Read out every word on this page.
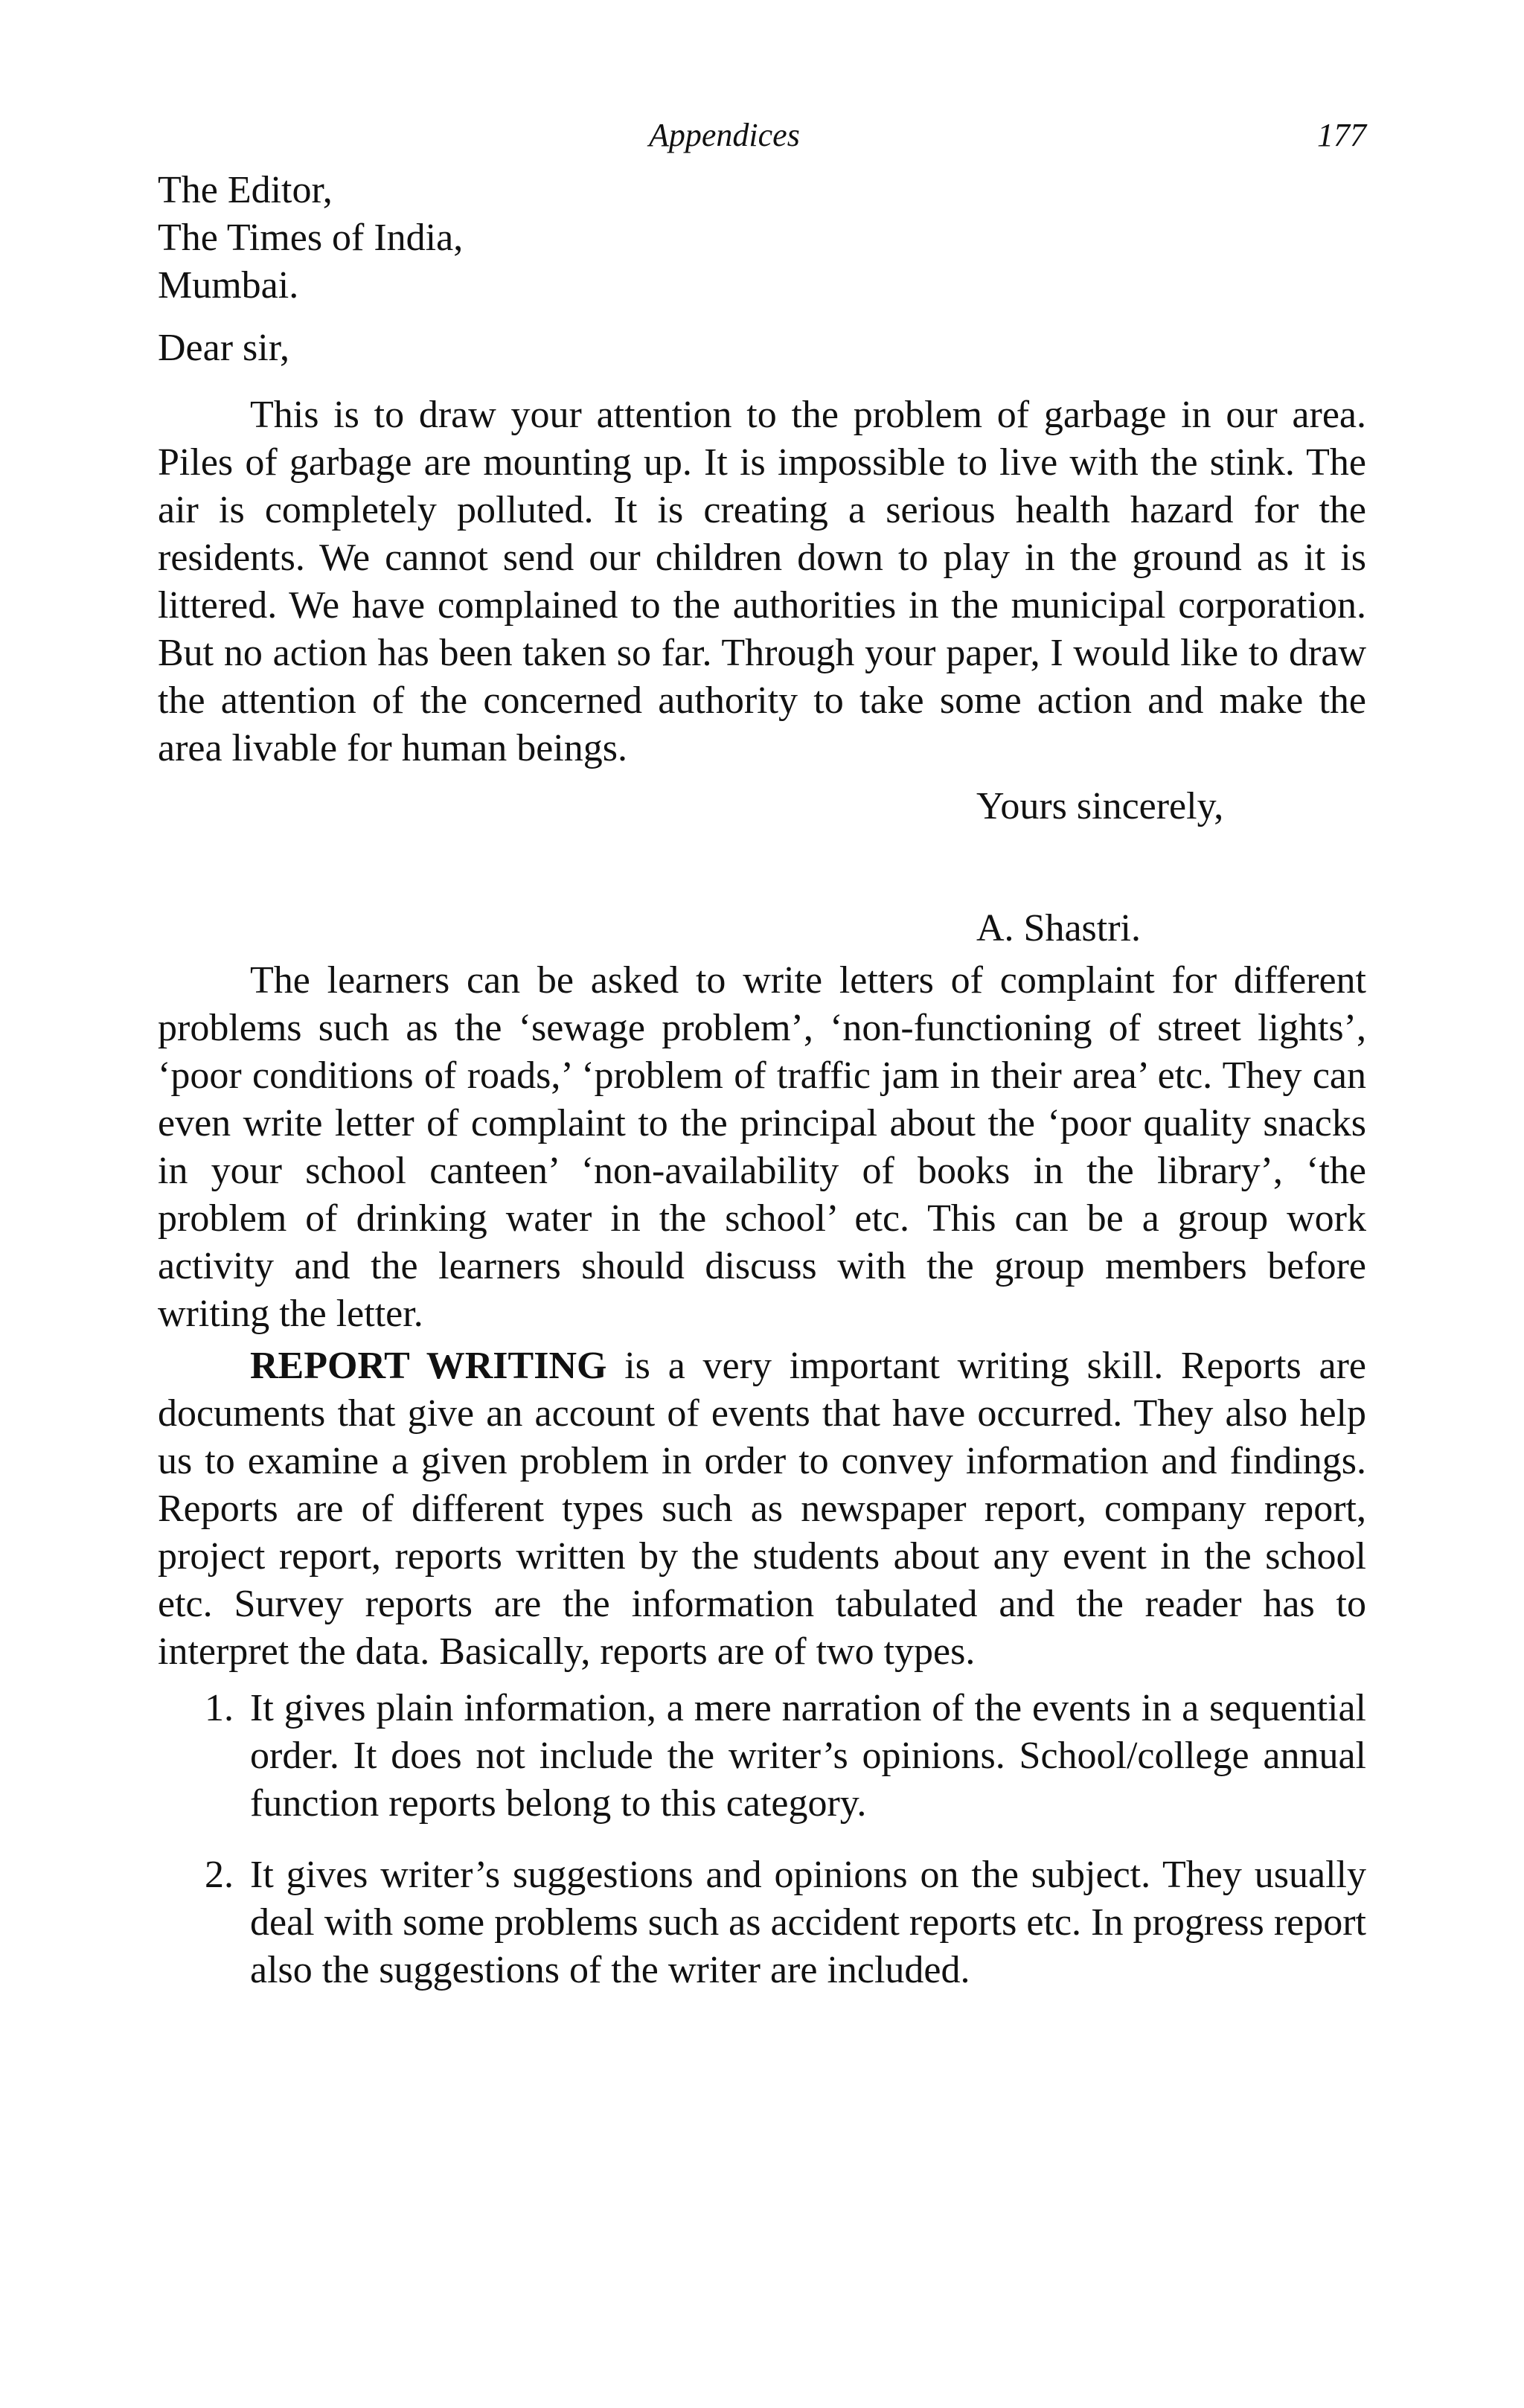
Appendices	177

The Editor,

The Times of India,

Mumbai.

Dear sir,

This is to draw your attention to the problem of garbage in our area. Piles of garbage are mounting up. It is impossible to live with the stink. The air is completely polluted. It is creating a serious health hazard for the residents. We cannot send our children down to play in the ground as it is littered. We have complained to the authorities in the municipal corporation. But no action has been taken so far. Through your paper, I would like to draw the attention of the concerned authority to take some action and make the area livable for human beings.

Yours sincerely,

A. Shastri.

The learners can be asked to write letters of complaint for different problems such as the ‘sewage problem’, ‘non-functioning of street lights’, ‘poor conditions of roads,’ ‘problem of traffic jam in their area’ etc. They can even write letter of complaint to the principal about the ‘poor quality snacks in your school canteen’ ‘non-availability of books in the library’, ‘the problem of drinking water in the school’ etc. This can be a group work activity and the learners should discuss with the group members before writing the letter.

REPORT WRITING is a very important writing skill. Reports are documents that give an account of events that have occurred. They also help us to examine a given problem in order to convey information and findings. Reports are of different types such as newspaper report, company report, project report, reports written by the students about any event in the school etc. Survey reports are the information tabulated and the reader has to interpret the data. Basically, reports are of two types.

1. It gives plain information, a mere narration of the events in a sequential order. It does not include the writer’s opinions. School/college annual function reports belong to this category.
2. It gives writer’s suggestions and opinions on the subject. They usually deal with some problems such as accident reports etc. In progress report also the suggestions of the writer are included.
